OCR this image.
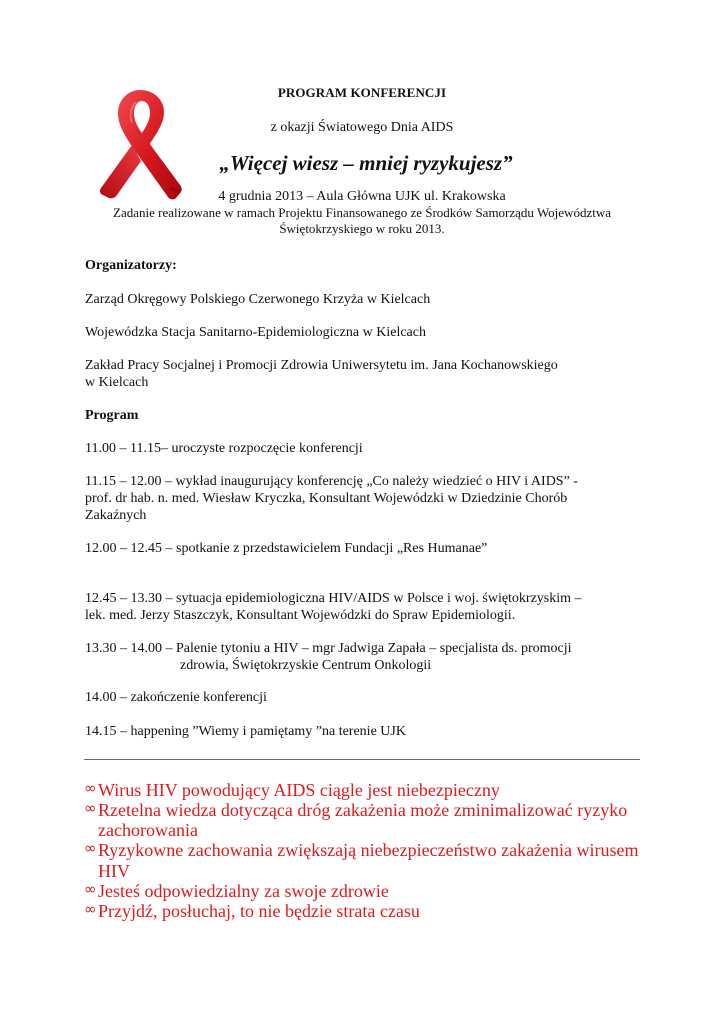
PROGRAM KONFERENCJI
z okazji Światowego Dnia AIDS
„Więcej wiesz – mniej ryzykujesz”
4 grudnia 2013 – Aula Główna UJK ul. Krakowska
Zadanie realizowane w ramach Projektu Finansowanego ze Środków Samorządu Województwa
Świętokrzyskiego w roku 2013.
Organizatorzy:
Zarząd Okręgowy Polskiego Czerwonego Krzyża w Kielcach
Wojewódzka Stacja Sanitarno-Epidemiologiczna w Kielcach
Zakład Pracy Socjalnej i Promocji Zdrowia Uniwersytetu im. Jana Kochanowskiego
w Kielcach
Program
11.00 – 11.15– uroczyste rozpoczęcie konferencji
11.15 – 12.00 – wykład inaugurujący konferencję „Co należy wiedzieć o HIV i AIDS” -
prof. dr hab. n. med. Wiesław Kryczka, Konsultant Wojewódzki w Dziedzinie Chorób
Zakaźnych
12.00 – 12.45 – spotkanie z przedstawicielem Fundacji „Res Humanae”
12.45 – 13.30 – sytuacja epidemiologiczna HIV/AIDS w Polsce i woj. świętokrzyskim –
lek. med. Jerzy Staszczyk, Konsultant Wojewódzki do Spraw Epidemiologii.
13.30 – 14.00 – Palenie tytoniu a HIV – mgr Jadwiga Zapała – specjalista ds. promocji
zdrowia, Świętokrzyskie Centrum Onkologii
14.00 – zakończenie konferencji
14.15 – happening ”Wiemy i pamiętamy ”na terenie UJK
∞ Wirus HIV powodujący AIDS ciągle jest niebezpieczny
∞ Rzetelna wiedza dotycząca dróg zakażenia może zminimalizować ryzyko
zachorowania
∞ Ryzykowne zachowania zwiększają niebezpieczeństwo zakażenia wirusem
HIV
∞ Jesteś odpowiedzialny za swoje zdrowie
∞ Przyjdź, posłuchaj, to nie będzie strata czasu
